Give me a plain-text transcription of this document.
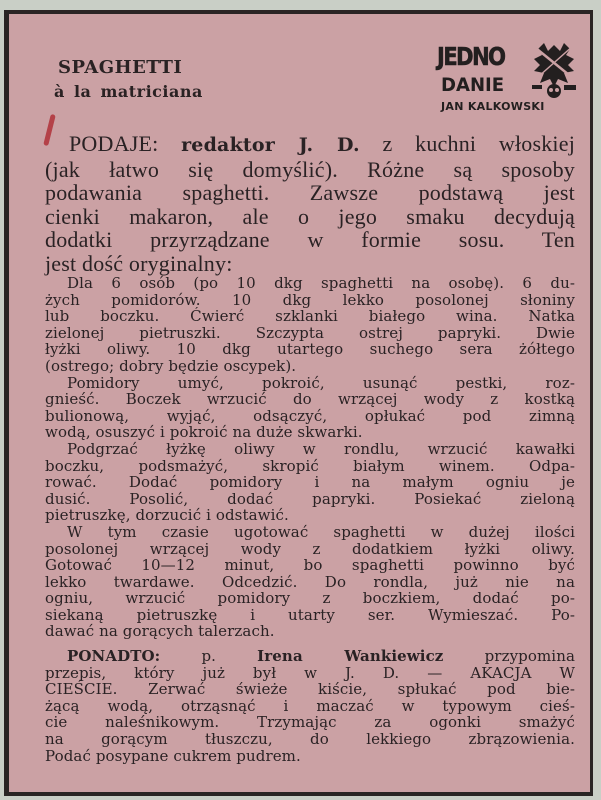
SPAGHETTI
à la matriciana
JEDNO
DANIE
JAN KALKOWSKI
PODAJE: redaktor J. D. z kuchni włoskiej
(jak łatwo się domyślić). Różne są sposoby
podawania spaghetti. Zawsze podstawą jest
cienki makaron, ale o jego smaku decydują
dodatki przyrządzane w formie sosu. Ten
jest dość oryginalny:
Dla 6 osób (po 10 dkg spaghetti na osobę). 6 du-
żych pomidorów. 10 dkg lekko posolonej słoniny
lub boczku. Ćwierć szklanki białego wina. Natka
zielonej pietruszki. Szczypta ostrej papryki. Dwie
łyżki oliwy. 10 dkg utartego suchego sera żółtego
(ostrego; dobry będzie oscypek).
Pomidory umyć, pokroić, usunąć pestki, roz-
gnieść. Boczek wrzucić do wrzącej wody z kostką
bulionową, wyjąć, odsączyć, opłukać pod zimną
wodą, osuszyć i pokroić na duże skwarki.
Podgrzać łyżkę oliwy w rondlu, wrzucić kawałki
boczku, podsmażyć, skropić białym winem. Odpa-
rować. Dodać pomidory i na małym ogniu je
dusić. Posolić, dodać papryki. Posiekać zieloną
pietruszkę, dorzucić i odstawić.
W tym czasie ugotować spaghetti w dużej ilości
posolonej wrzącej wody z dodatkiem łyżki oliwy.
Gotować 10—12 minut, bo spaghetti powinno być
lekko twardawe. Odcedzić. Do rondla, już nie na
ogniu, wrzucić pomidory z boczkiem, dodać po-
siekaną pietruszkę i utarty ser. Wymieszać. Po-
dawać na gorących talerzach.
PONADTO:	p.	Irena Wankiewicz	przypomina
przepis, który już był w J. D. — AKACJA W
CIEŚCIE. Zerwać świeże kiście, spłukać pod bie-
żącą wodą, otrząsnąć i maczać w typowym cieś-
cie naleśnikowym. Trzymając za ogonki smażyć
na gorącym tłuszczu, do lekkiego zbrązowienia.
Podać posypane cukrem pudrem.
